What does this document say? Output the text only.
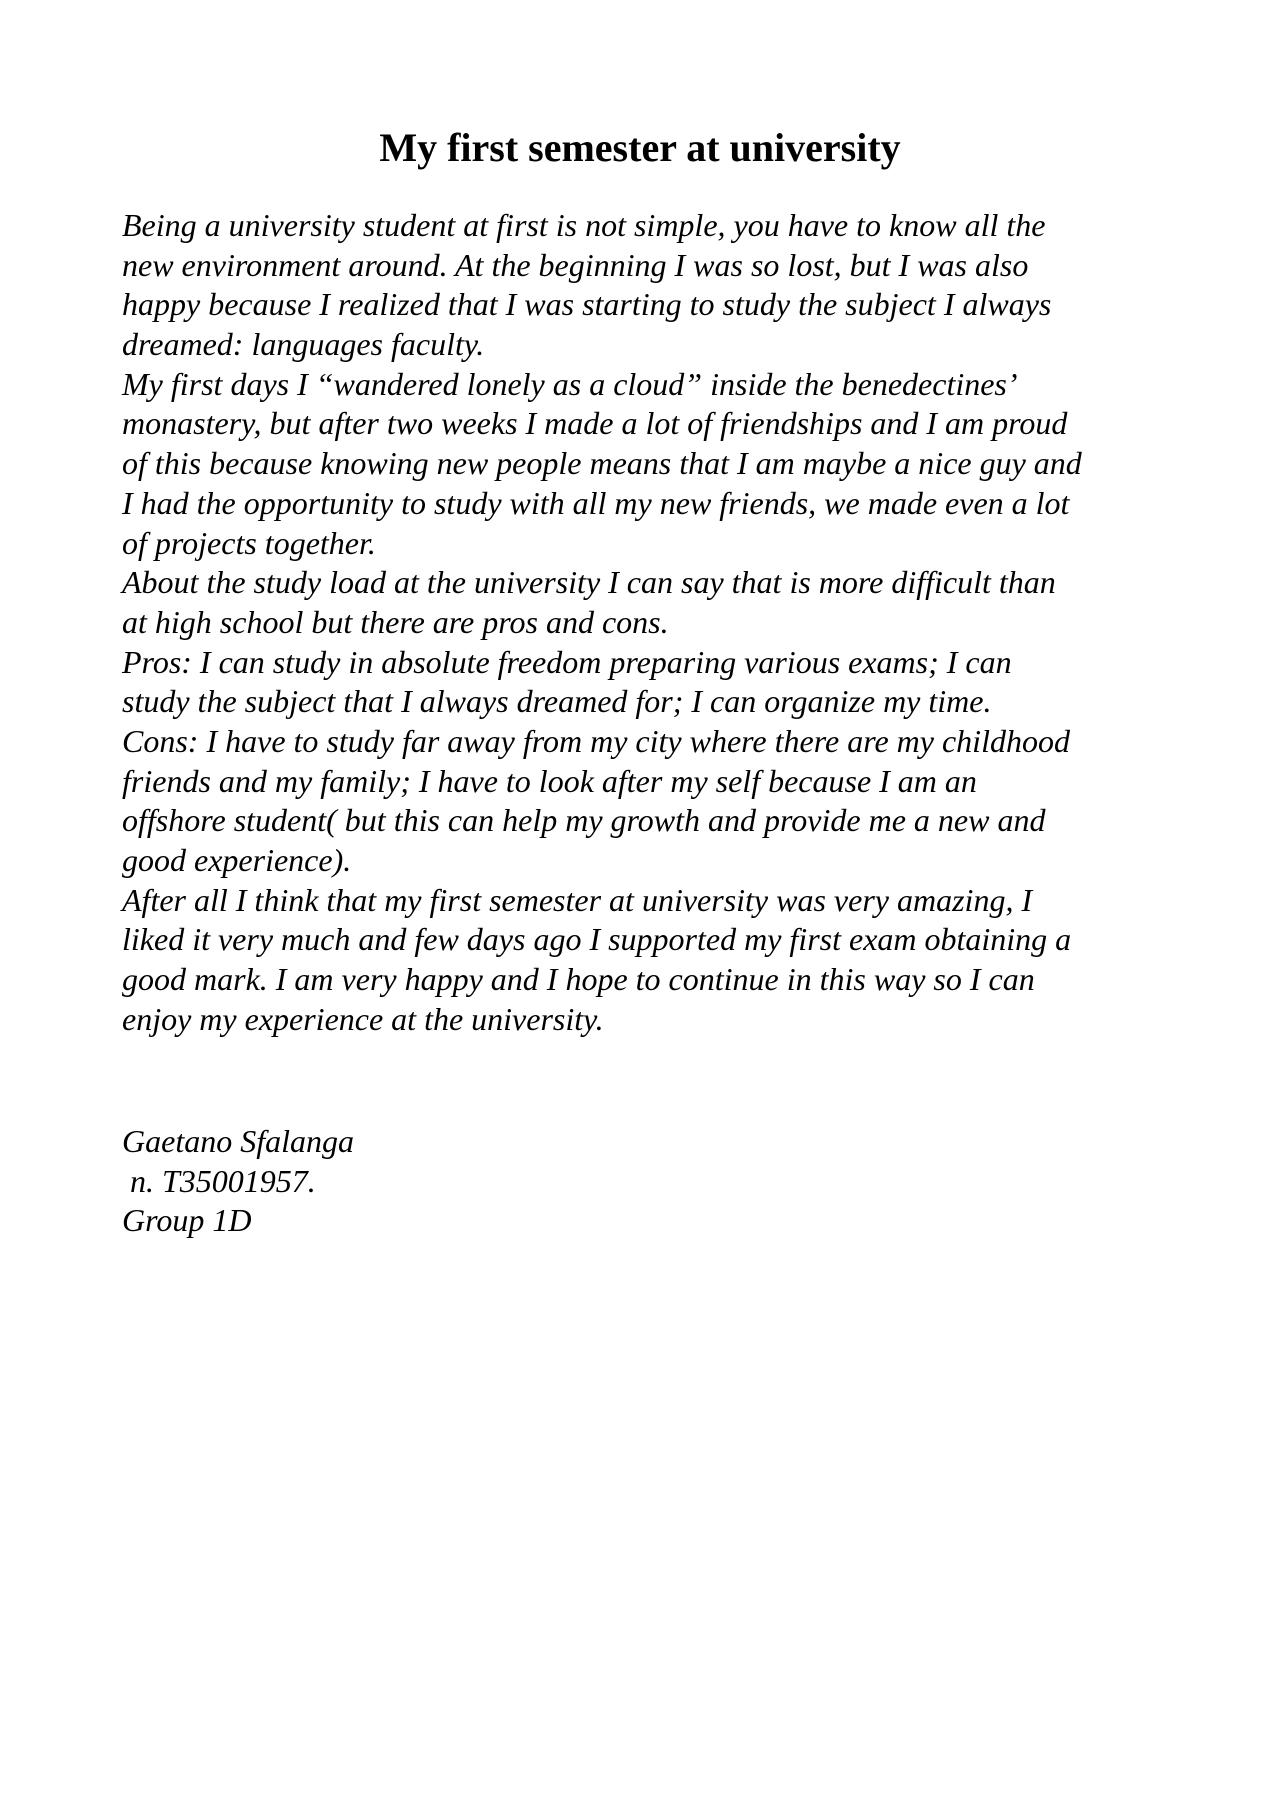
My first semester at university

Being a university student at first is not simple, you have to know all the

new environment around. At the beginning I was so lost, but I was also

happy because I realized that I was starting to study the subject I always

dreamed: languages faculty.

My first days I “wandered lonely as a cloud” inside the benedectines’

monastery, but after two weeks I made a lot of friendships and I am proud

of this because knowing new people means that I am maybe a nice guy and

I had the opportunity to study with all my new friends, we made even a lot

of projects together.

About the study load at the university I can say that is more difficult than

at high school but there are pros and cons.

Pros: I can study in absolute freedom preparing various exams; I can

study the subject that I always dreamed for; I can organize my time.

Cons: I have to study far away from my city where there are my childhood

friends and my family; I have to look after my self because I am an

offshore student( but this can help my growth and provide me a new and

good experience).

After all I think that my first semester at university was very amazing, I

liked it very much and few days ago I supported my first exam obtaining a

good mark. I am very happy and I hope to continue in this way so I can

enjoy my experience at the university.

Gaetano Sfalanga

n. T35001957.

Group 1D
